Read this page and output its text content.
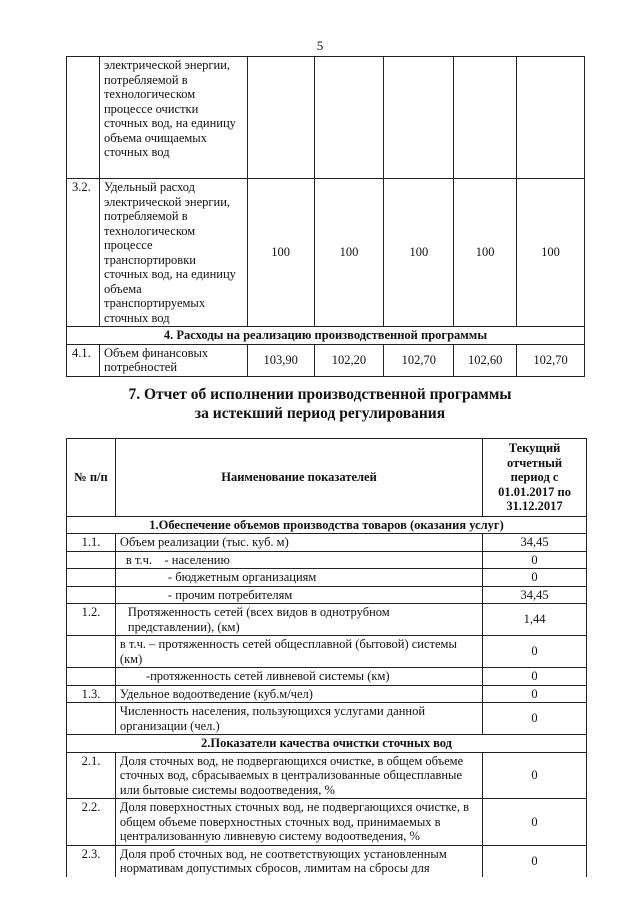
5
	электрической энергии, потребляемой в технологическом процессе очистки сточных вод, на единицу объема очищаемых сточных вод					
3.2.	Удельный расход электрической энергии, потребляемой в технологическом процессе транспортировки сточных вод, на единицу объема транспортируемых сточных вод	100	100	100	100	100
4. Расходы на реализацию производственной программы						
4.1.	Объем финансовых потребностей	103,90	102,20	102,70	102,60	102,70
7. Отчет об исполнении производственной программы
за истекший период регулирования
№ п/п	Наименование показателей	Текущий отчетный период с 01.01.2017 по 31.12.2017
1.Обеспечение объемов производства товаров (оказания услуг)		
1.1.	Объем реализации (тыс. куб. м)	34,45
	в т.ч.    - населению	0
	- бюджетным организациям	0
	- прочим потребителям	34,45
1.2.	Протяженность сетей (всех видов в однотрубном представлении), (км)	1,44
	в т.ч. – протяженность сетей общесплавной (бытовой) системы (км)	0
	-протяженность сетей ливневой системы (км)	0
1.3.	Удельное водоотведение (куб.м/чел)	0
	Численность населения, пользующихся услугами данной организации (чел.)	0
2.Показатели качества очистки сточных вод		
2.1.	Доля сточных вод, не подвергающихся очистке, в общем объеме сточных вод, сбрасываемых в централизованные общесплавные или бытовые системы водоотведения, %	0
2.2.	Доля поверхностных сточных вод, не подвергающихся очистке, в общем объеме поверхностных сточных вод, принимаемых в централизованную ливневую систему водоотведения, %	0
2.3.	Доля проб сточных вод, не соответствующих установленным нормативам допустимых сбросов, лимитам на сбросы для	0
